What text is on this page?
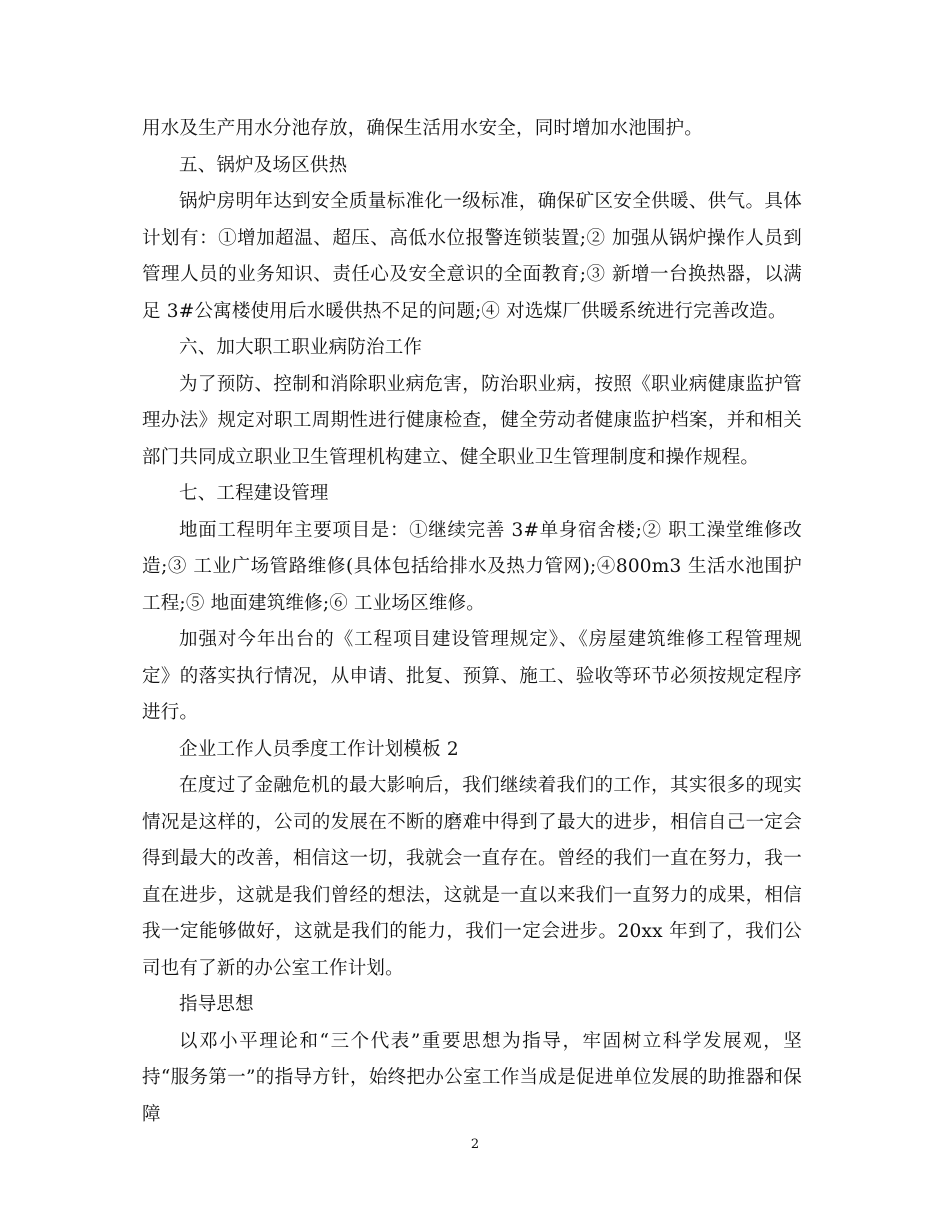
用水及生产用水分池存放，确保生活用水安全，同时增加水池围护。

五、锅炉及场区供热

锅炉房明年达到安全质量标准化一级标准，确保矿区安全供暖、供气。具体计划有：①增加超温、超压、高低水位报警连锁装置;② 加强从锅炉操作人员到管理人员的业务知识、责任心及安全意识的全面教育;③ 新增一台换热器，以满足 3#公寓楼使用后水暖供热不足的问题;④ 对选煤厂供暖系统进行完善改造。

六、加大职工职业病防治工作

为了预防、控制和消除职业病危害，防治职业病，按照《职业病健康监护管理办法》规定对职工周期性进行健康检查，健全劳动者健康监护档案，并和相关部门共同成立职业卫生管理机构建立、健全职业卫生管理制度和操作规程。

七、工程建设管理

地面工程明年主要项目是：①继续完善 3#单身宿舍楼;② 职工澡堂维修改造;③ 工业广场管路维修(具体包括给排水及热力管网);④800m3 生活水池围护工程;⑤ 地面建筑维修;⑥ 工业场区维修。

加强对今年出台的《工程项目建设管理规定》、《房屋建筑维修工程管理规定》的落实执行情况，从申请、批复、预算、施工、验收等环节必须按规定程序进行。

企业工作人员季度工作计划模板 2

在度过了金融危机的最大影响后，我们继续着我们的工作，其实很多的现实情况是这样的，公司的发展在不断的磨难中得到了最大的进步，相信自己一定会得到最大的改善，相信这一切，我就会一直存在。曾经的我们一直在努力，我一直在进步，这就是我们曾经的想法，这就是一直以来我们一直努力的成果，相信我一定能够做好，这就是我们的能力，我们一定会进步。20xx 年到了，我们公司也有了新的办公室工作计划。

指导思想

以邓小平理论和“三个代表”重要思想为指导，牢固树立科学发展观，坚持“服务第一”的指导方针，始终把办公室工作当成是促进单位发展的助推器和保障

2
